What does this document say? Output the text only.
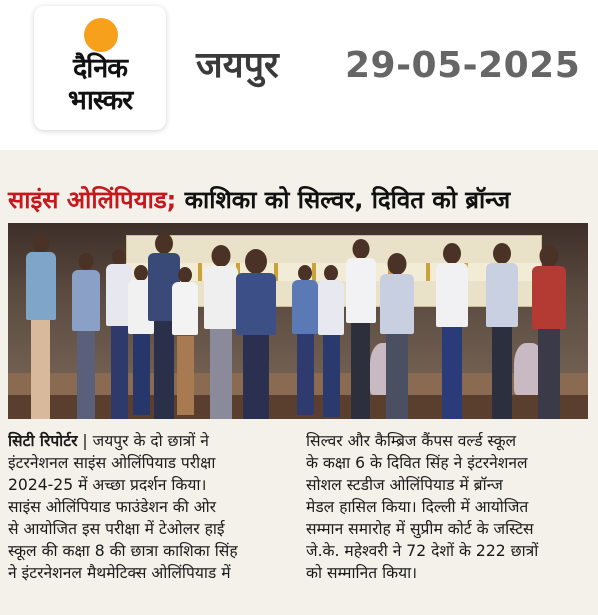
दैनिक
भास्कर
जयपुर 29-05-2025
साइंस ओलिंपियाड; काशिका को सिल्वर, दिवित को ब्रॉन्ज
सिटी रिपोर्टर | जयपुर के दो छात्रों ने
इंटरनेशनल साइंस ओलिंपियाड परीक्षा
2024-25 में अच्छा प्रदर्शन किया।
साइंस ओलिंपियाड फाउंडेशन की ओर
से आयोजित इस परीक्षा में टेओलर हाई
स्कूल की कक्षा 8 की छात्रा काशिका सिंह
ने इंटरनेशनल मैथमेटिक्स ओलिंपियाड में
सिल्वर और कैम्ब्रिज कैंपस वर्ल्ड स्कूल
के कक्षा 6 के दिवित सिंह ने इंटरनेशनल
सोशल स्टडीज ओलिंपियाड में ब्रॉन्ज
मेडल हासिल किया। दिल्ली में आयोजित
सम्मान समारोह में सुप्रीम कोर्ट के जस्टिस
जे.के. महेश्वरी ने 72 देशों के 222 छात्रों
को सम्मानित किया।
